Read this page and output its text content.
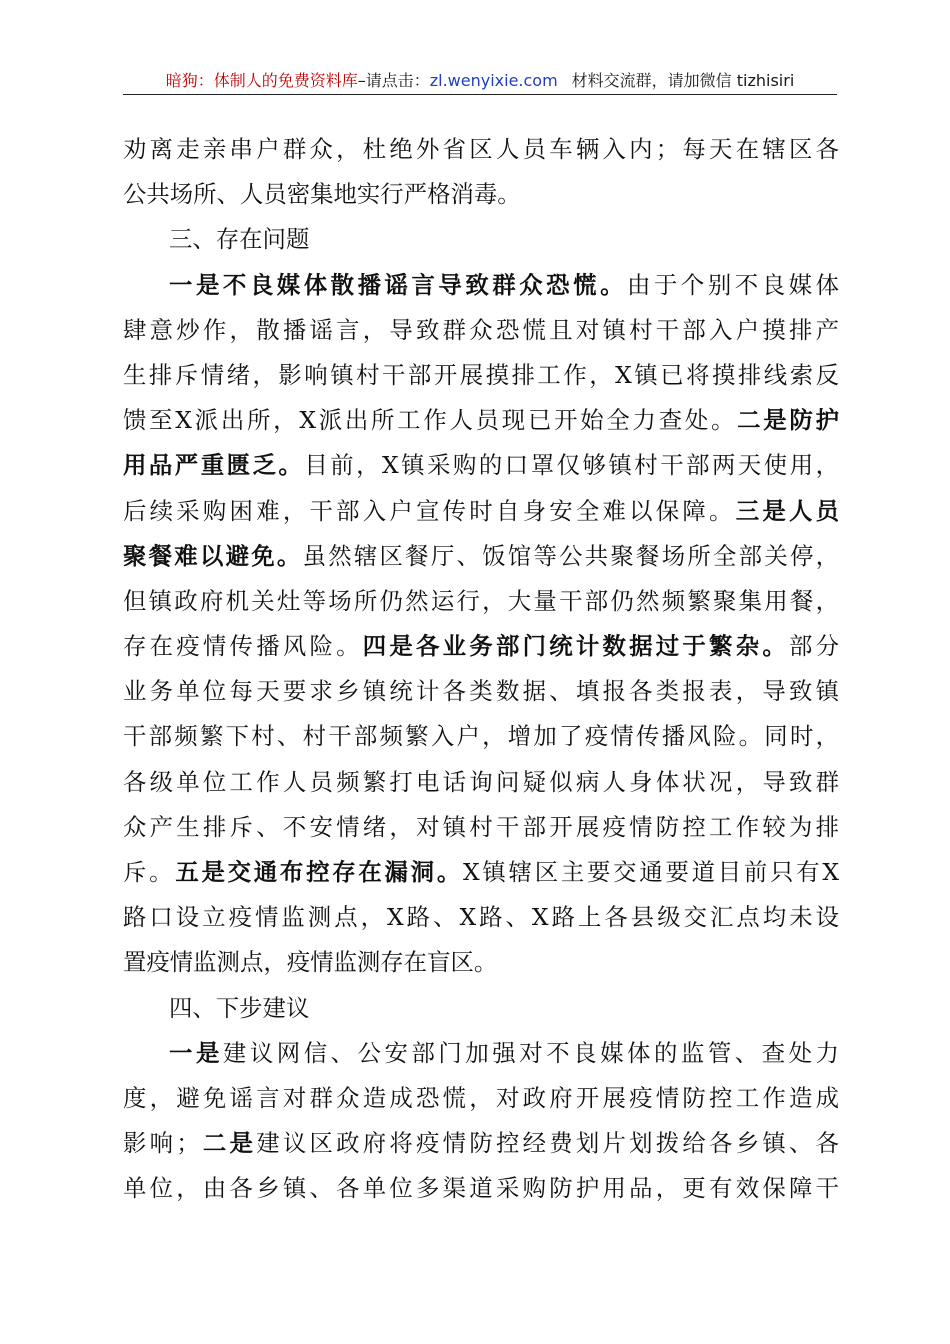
暗狗：体制人的免费资料库–请点击：zl.wenyixie.com 材料交流群，请加微信 tizhisiri
劝离走亲串户群众，杜绝外省区人员车辆入内；每天在辖区各
公共场所、人员密集地实行严格消毒。
三、存在问题
一是不良媒体散播谣言导致群众恐慌。由于个别不良媒体
肆意炒作，散播谣言，导致群众恐慌且对镇村干部入户摸排产
生排斥情绪，影响镇村干部开展摸排工作，X镇已将摸排线索反
馈至X派出所，X派出所工作人员现已开始全力查处。二是防护
用品严重匮乏。目前，X镇采购的口罩仅够镇村干部两天使用，
后续采购困难，干部入户宣传时自身安全难以保障。三是人员
聚餐难以避免。虽然辖区餐厅、饭馆等公共聚餐场所全部关停，
但镇政府机关灶等场所仍然运行，大量干部仍然频繁聚集用餐，
存在疫情传播风险。四是各业务部门统计数据过于繁杂。部分
业务单位每天要求乡镇统计各类数据、填报各类报表，导致镇
干部频繁下村、村干部频繁入户，增加了疫情传播风险。同时，
各级单位工作人员频繁打电话询问疑似病人身体状况，导致群
众产生排斥、不安情绪，对镇村干部开展疫情防控工作较为排
斥。五是交通布控存在漏洞。X镇辖区主要交通要道目前只有X
路口设立疫情监测点，X路、X路、X路上各县级交汇点均未设
置疫情监测点，疫情监测存在盲区。
四、下步建议
一是建议网信、公安部门加强对不良媒体的监管、查处力
度，避免谣言对群众造成恐慌，对政府开展疫情防控工作造成
影响；二是建议区政府将疫情防控经费划片划拨给各乡镇、各
单位，由各乡镇、各单位多渠道采购防护用品，更有效保障干
